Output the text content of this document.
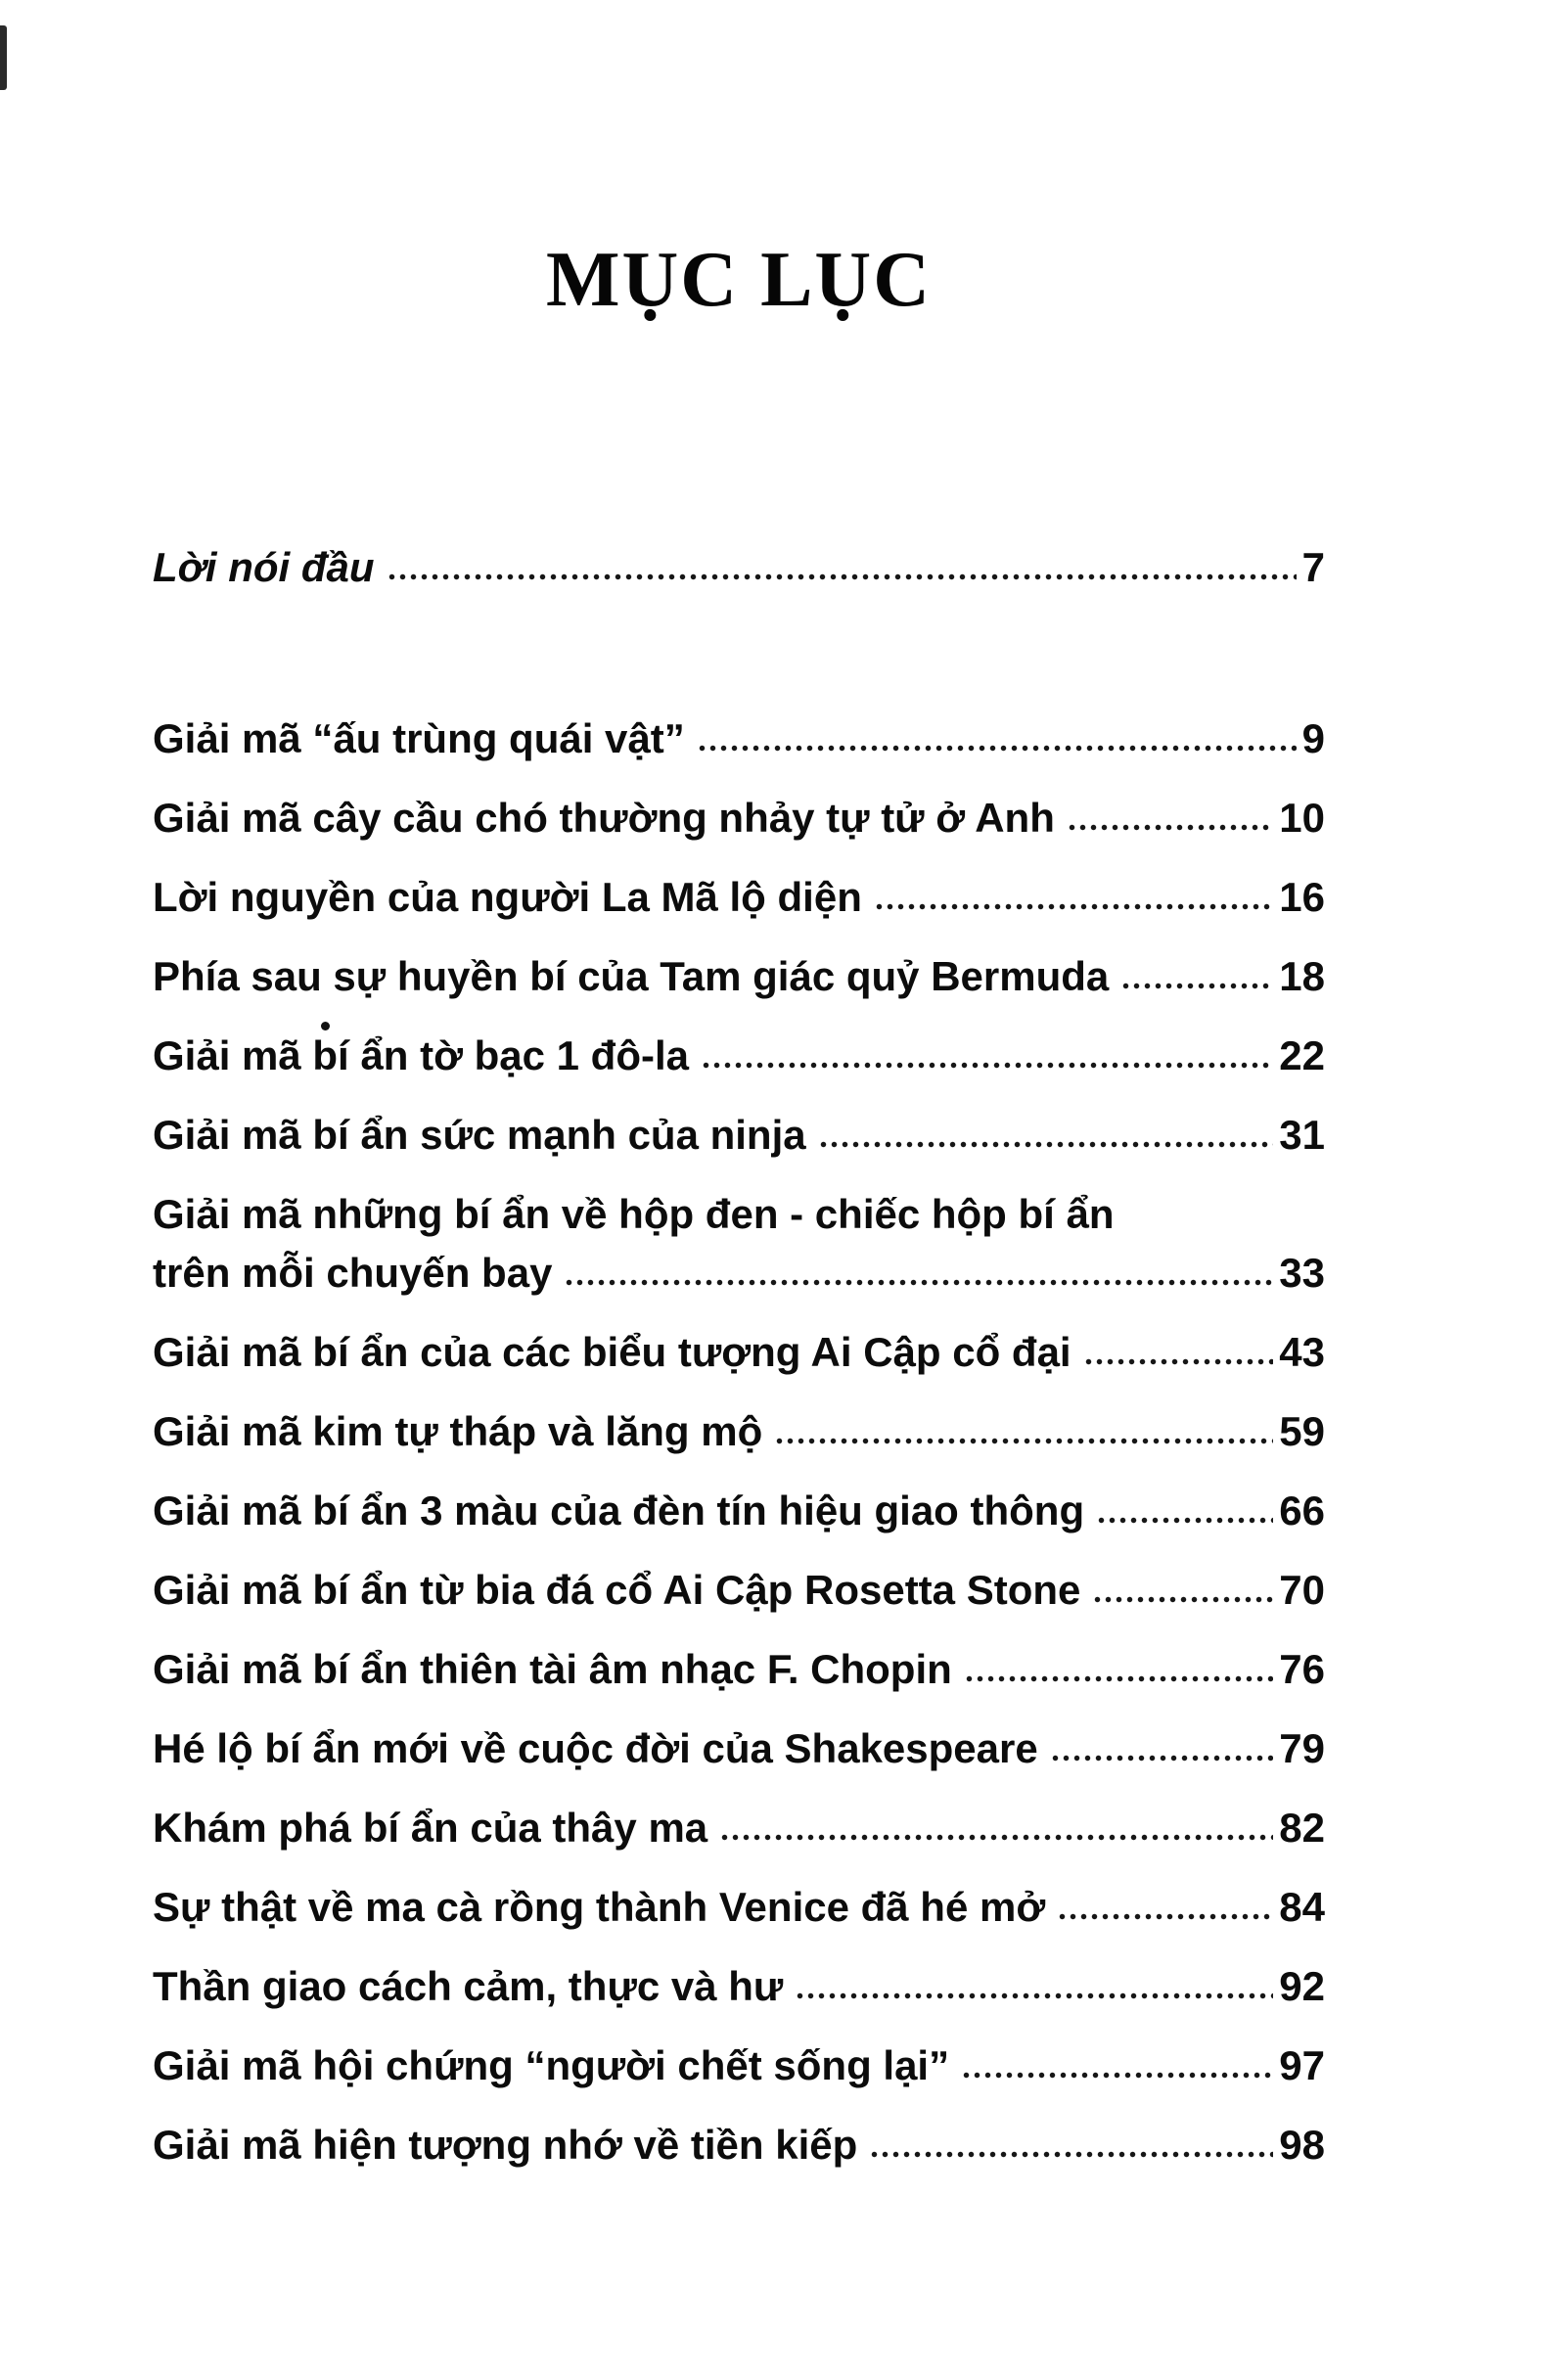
MỤC LỤC
Lời nói đầu	7
Giải mã “ấu trùng quái vật”	9
Giải mã cây cầu chó thường nhảy tự tử ở Anh	10
Lời nguyền của người La Mã lộ diện	16
Phía sau sự huyền bí của Tam giác quỷ Bermuda	18
Giải mã bí ẩn tờ bạc 1 đô-la	22
Giải mã bí ẩn sức mạnh của ninja	31
Giải mã những bí ẩn về hộp đen - chiếc hộp bí ẩn
trên mỗi chuyến bay	33
Giải mã bí ẩn của các biểu tượng Ai Cập cổ đại	43
Giải mã kim tự tháp và lăng mộ	59
Giải mã bí ẩn 3 màu của đèn tín hiệu giao thông	66
Giải mã bí ẩn từ bia đá cổ Ai Cập Rosetta Stone	70
Giải mã bí ẩn thiên tài âm nhạc F. Chopin	76
Hé lộ bí ẩn mới về cuộc đời của Shakespeare	79
Khám phá bí ẩn của thây ma	82
Sự thật về ma cà rồng thành Venice đã hé mở	84
Thần giao cách cảm, thực và hư	92
Giải mã hội chứng “người chết sống lại”	97
Giải mã hiện tượng nhớ về tiền kiếp	98
